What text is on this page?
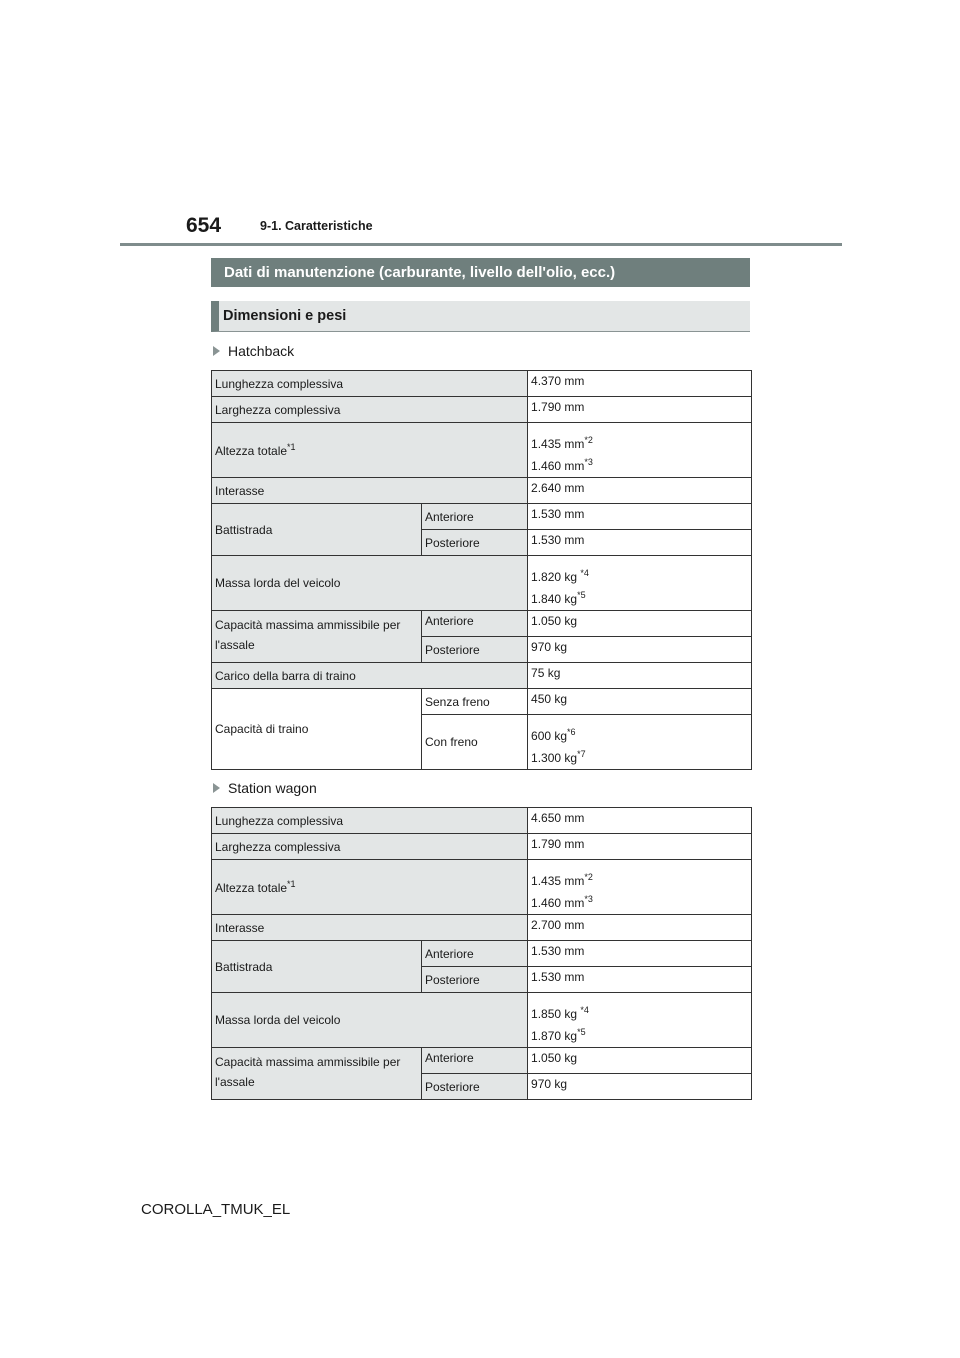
654	9-1. Caratteristiche
Dati di manutenzione (carburante, livello dell'olio, ecc.)
Dimensioni e pesi
Hatchback
Lunghezza complessiva		4.370 mm
Larghezza complessiva		1.790 mm
Altezza totale$^{*1}$		1.435 $mm^{*2}$
1.460 $mm^{*3}$

Interasse		2.640 mm
Battistrada	Anteriore	1.530 mm
	Posteriore	1.530 mm
Massa lorda del veicolo		1.820 kg $^{*4}$
1.840 $kg^{*5}$

Capacità massima ammissibile per
l'assale	Anteriore	1.050 kg
	Posteriore	970 kg
Carico della barra di traino		75 kg
Capacità di traino	Senza freno	450 kg
	Con freno	600 $kg^{*6}$
1.300 $kg^{*7}$
Station wagon
Lunghezza complessiva		4.650 mm
Larghezza complessiva		1.790 mm
Altezza totale$^{*1}$		1.435 $mm^{*2}$
1.460 $mm^{*3}$

Interasse		2.700 mm
Battistrada	Anteriore	1.530 mm
	Posteriore	1.530 mm
Massa lorda del veicolo		1.850 kg $^{*4}$
1.870 $kg^{*5}$

Capacità massima ammissibile per
l'assale	Anteriore	1.050 kg
	Posteriore	970 kg
COROLLA_TMUK_EL
